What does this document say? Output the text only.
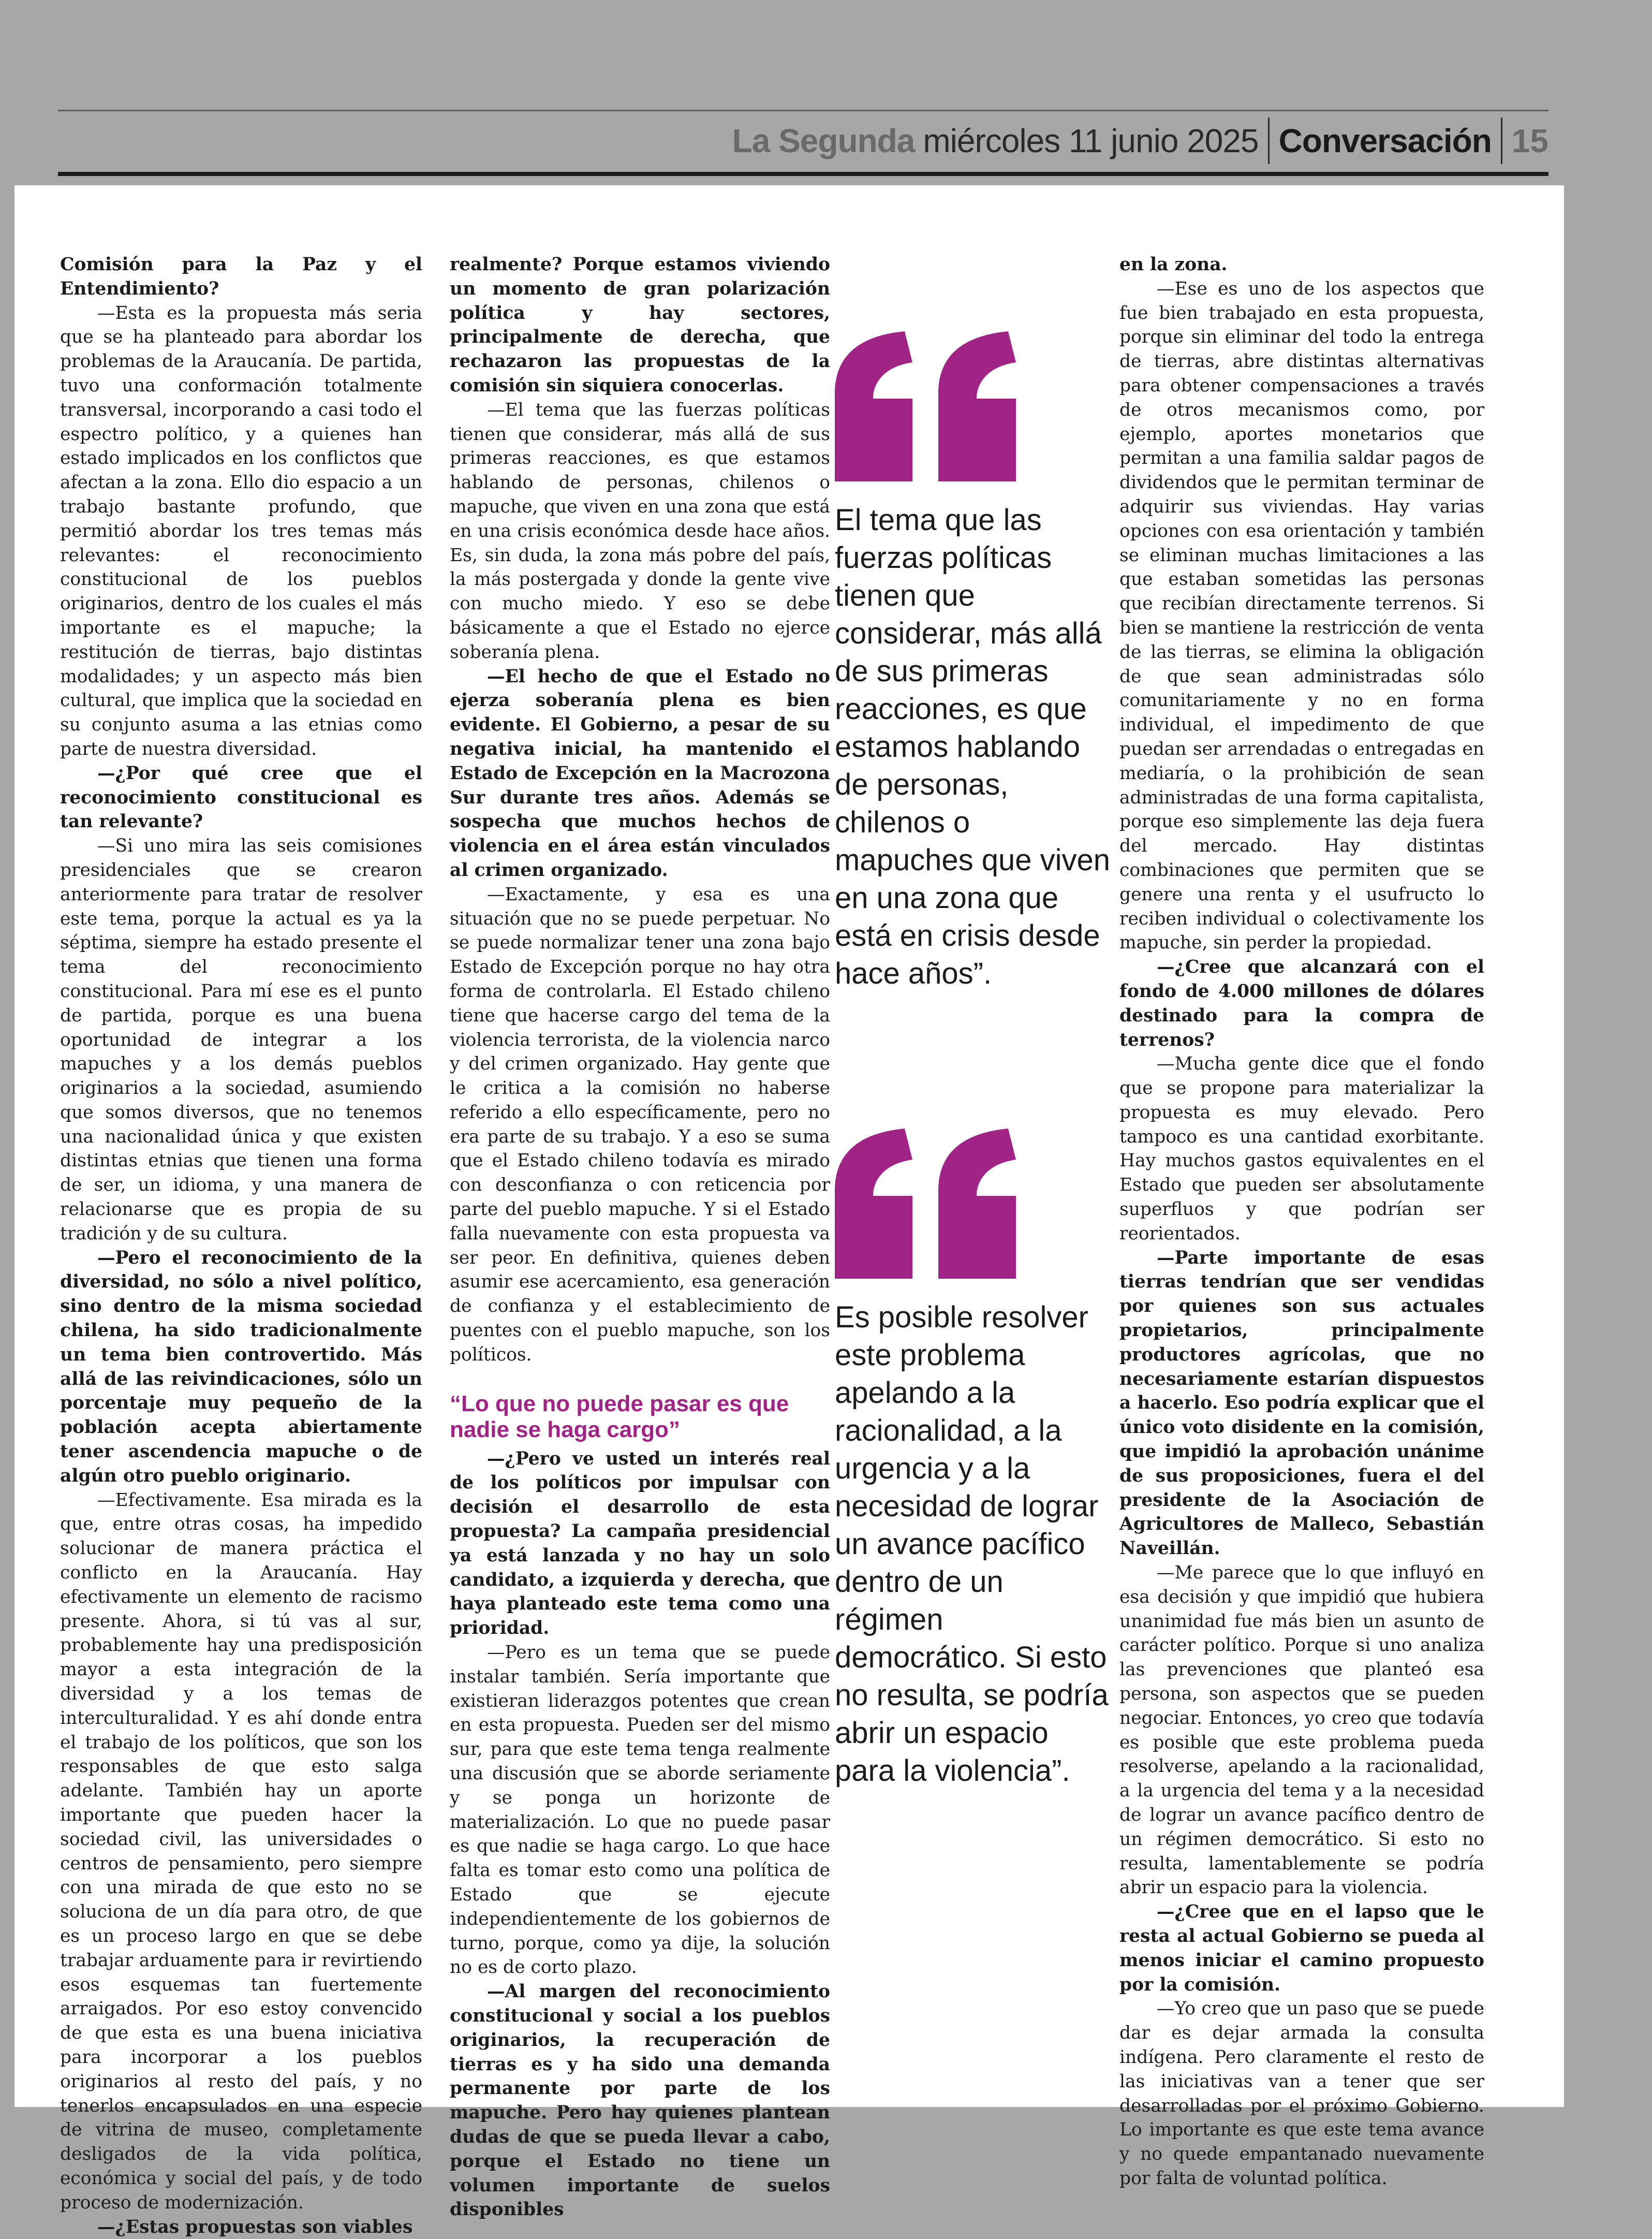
La Segunda miércoles 11 junio 2025 Conversación 15

Comisión para la Paz y el Entendimiento?

—Esta es la propuesta más seria que se ha planteado para abordar los problemas de la Araucanía. De partida, tuvo una conformación totalmente transversal, incorporando a casi todo el espectro político, y a quienes han estado implicados en los conflictos que afectan a la zona. Ello dio espacio a un trabajo bastante profundo, que permitió abordar los tres temas más relevantes: el reconocimiento constitucional de los pueblos originarios, dentro de los cuales el más importante es el mapuche; la restitución de tierras, bajo distintas modalidades; y un aspecto más bien cultural, que implica que la sociedad en su conjunto asuma a las etnias como parte de nuestra diversidad.

—¿Por qué cree que el reconocimiento constitucional es tan relevante?

—Si uno mira las seis comisiones presidenciales que se crearon anteriormente para tratar de resolver este tema, porque la actual es ya la séptima, siempre ha estado presente el tema del reconocimiento constitucional. Para mí ese es el punto de partida, porque es una buena oportunidad de integrar a los mapuches y a los demás pueblos originarios a la sociedad, asumiendo que somos diversos, que no tenemos una nacionalidad única y que existen distintas etnias que tienen una forma de ser, un idioma, y una manera de relacionarse que es propia de su tradición y de su cultura.

—Pero el reconocimiento de la diversidad, no sólo a nivel político, sino dentro de la misma sociedad chilena, ha sido tradicionalmente un tema bien controvertido. Más allá de las reivindicaciones, sólo un porcentaje muy pequeño de la población acepta abiertamente tener ascendencia mapuche o de algún otro pueblo originario.

—Efectivamente. Esa mirada es la que, entre otras cosas, ha impedido solucionar de manera práctica el conflicto en la Araucanía. Hay efectivamente un elemento de racismo presente. Ahora, si tú vas al sur, probablemente hay una predisposición mayor a esta integración de la diversidad y a los temas de interculturalidad. Y es ahí donde entra el trabajo de los políticos, que son los responsables de que esto salga adelante. También hay un aporte importante que pueden hacer la sociedad civil, las universidades o centros de pensamiento, pero siempre con una mirada de que esto no se soluciona de un día para otro, de que es un proceso largo en que se debe trabajar arduamente para ir revirtiendo esos esquemas tan fuertemente arraigados. Por eso estoy convencido de que esta es una buena iniciativa para incorporar a los pueblos originarios al resto del país, y no tenerlos encapsulados en una especie de vitrina de museo, completamente desligados de la vida política, económica y social del país, y de todo proceso de modernización.

—¿Estas propuestas son viables

realmente? Porque estamos viviendo un momento de gran polarización política y hay sectores, principalmente de derecha, que rechazaron las propuestas de la comisión sin siquiera conocerlas.

—El tema que las fuerzas políticas tienen que considerar, más allá de sus primeras reacciones, es que estamos hablando de personas, chilenos o mapuche, que viven en una zona que está en una crisis económica desde hace años. Es, sin duda, la zona más pobre del país, la más postergada y donde la gente vive con mucho miedo. Y eso se debe básicamente a que el Estado no ejerce soberanía plena.

—El hecho de que el Estado no ejerza soberanía plena es bien evidente. El Gobierno, a pesar de su negativa inicial, ha mantenido el Estado de Excepción en la Macrozona Sur durante tres años. Además se sospecha que muchos hechos de violencia en el área están vinculados al crimen organizado.

—Exactamente, y esa es una situación que no se puede perpetuar. No se puede normalizar tener una zona bajo Estado de Excepción porque no hay otra forma de controlarla. El Estado chileno tiene que hacerse cargo del tema de la violencia terrorista, de la violencia narco y del crimen organizado. Hay gente que le critica a la comisión no haberse referido a ello específicamente, pero no era parte de su trabajo. Y a eso se suma que el Estado chileno todavía es mirado con desconfianza o con reticencia por parte del pueblo mapuche. Y si el Estado falla nuevamente con esta propuesta va ser peor. En definitiva, quienes deben asumir ese acercamiento, esa generación de confianza y el establecimiento de puentes con el pueblo mapuche, son los políticos.

“Lo que no puede pasar es que nadie se haga cargo”

—¿Pero ve usted un interés real de los políticos por impulsar con decisión el desarrollo de esta propuesta? La campaña presidencial ya está lanzada y no hay un solo candidato, a izquierda y derecha, que haya planteado este tema como una prioridad.

—Pero es un tema que se puede instalar también. Sería importante que existieran liderazgos potentes que crean en esta propuesta. Pueden ser del mismo sur, para que este tema tenga realmente una discusión que se aborde seriamente y se ponga un horizonte de materialización. Lo que no puede pasar es que nadie se haga cargo. Lo que hace falta es tomar esto como una política de Estado que se ejecute independientemente de los gobiernos de turno, porque, como ya dije, la solución no es de corto plazo.

—Al margen del reconocimiento constitucional y social a los pueblos originarios, la recuperación de tierras es y ha sido una demanda permanente por parte de los mapuche. Pero hay quienes plantean dudas de que se pueda llevar a cabo, porque el Estado no tiene un volumen importante de suelos disponibles

El tema que las fuerzas políticas tienen que considerar, más allá de sus primeras reacciones, es que estamos hablando de personas, chilenos o mapuches que viven en una zona que está en crisis desde hace años”.
Es posible resolver este problema apelando a la racionalidad, a la urgencia y a la necesidad de lograr un avance pacífico dentro de un régimen democrático. Si esto no resulta, se podría abrir un espacio para la violencia”.

en la zona.

—Ese es uno de los aspectos que fue bien trabajado en esta propuesta, porque sin eliminar del todo la entrega de tierras, abre distintas alternativas para obtener compensaciones a través de otros mecanismos como, por ejemplo, aportes monetarios que permitan a una familia saldar pagos de dividendos que le permitan terminar de adquirir sus viviendas. Hay varias opciones con esa orientación y también se eliminan muchas limitaciones a las que estaban sometidas las personas que recibían directamente terrenos. Si bien se mantiene la restricción de venta de las tierras, se elimina la obligación de que sean administradas sólo comunitariamente y no en forma individual, el impedimento de que puedan ser arrendadas o entregadas en mediaría, o la prohibición de sean administradas de una forma capitalista, porque eso simplemente las deja fuera del mercado. Hay distintas combinaciones que permiten que se genere una renta y el usufructo lo reciben individual o colectivamente los mapuche, sin perder la propiedad.

—¿Cree que alcanzará con el fondo de 4.000 millones de dólares destinado para la compra de terrenos?

—Mucha gente dice que el fondo que se propone para materializar la propuesta es muy elevado. Pero tampoco es una cantidad exorbitante. Hay muchos gastos equivalentes en el Estado que pueden ser absolutamente superfluos y que podrían ser reorientados.

—Parte importante de esas tierras tendrían que ser vendidas por quienes son sus actuales propietarios, principalmente productores agrícolas, que no necesariamente estarían dispuestos a hacerlo. Eso podría explicar que el único voto disidente en la comisión, que impidió la aprobación unánime de sus proposiciones, fuera el del presidente de la Asociación de Agricultores de Malleco, Sebastián Naveillán.

—Me parece que lo que influyó en esa decisión y que impidió que hubiera unanimidad fue más bien un asunto de carácter político. Porque si uno analiza las prevenciones que planteó esa persona, son aspectos que se pueden negociar. Entonces, yo creo que todavía es posible que este problema pueda resolverse, apelando a la racionalidad, a la urgencia del tema y a la necesidad de lograr un avance pacífico dentro de un régimen democrático. Si esto no resulta, lamentablemente se podría abrir un espacio para la violencia.

—¿Cree que en el lapso que le resta al actual Gobierno se pueda al menos iniciar el camino propuesto por la comisión.

—Yo creo que un paso que se puede dar es dejar armada la consulta indígena. Pero claramente el resto de las iniciativas van a tener que ser desarrolladas por el próximo Gobierno. Lo importante es que este tema avance y no quede empantanado nuevamente por falta de voluntad política.
